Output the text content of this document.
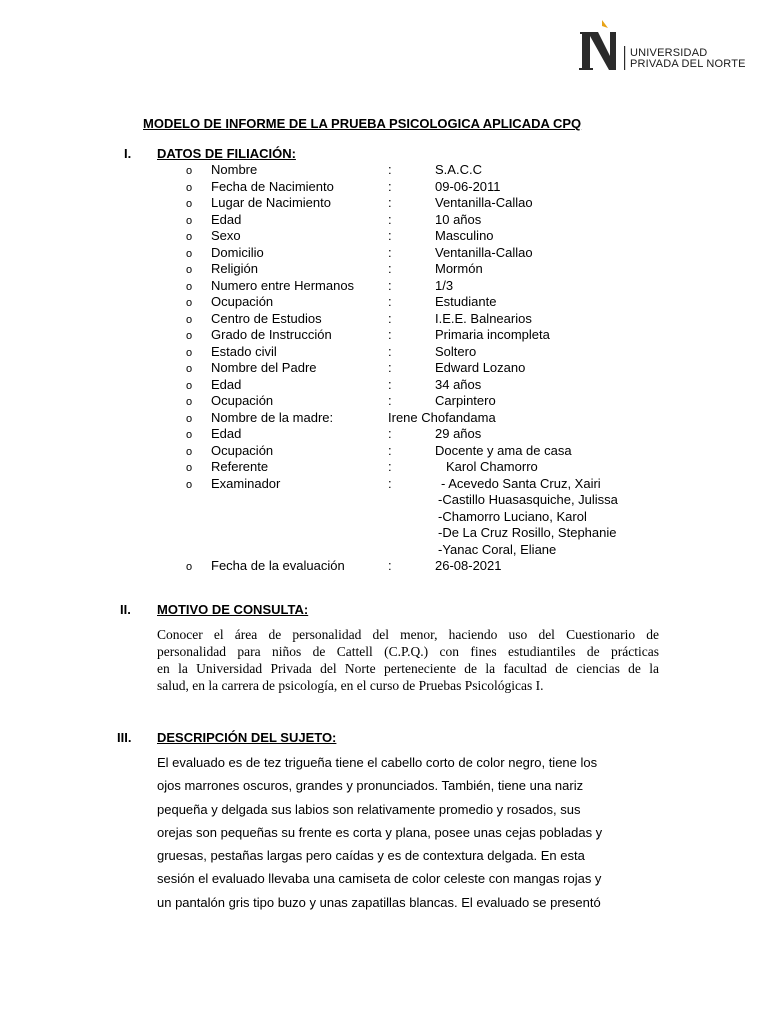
UNIVERSIDAD
PRIVADA DEL NORTE
MODELO DE INFORME DE LA PRUEBA PSICOLOGICA APLICADA CPQ
I. DATOS DE FILIACIÓN:
o Nombre	:	S.A.C.C
o Fecha de Nacimiento	:	09-06-2011
o Lugar de Nacimiento	:	Ventanilla-Callao
o Edad	:	10 años
o Sexo	:	Masculino
o Domicilio	:	Ventanilla-Callao
o Religión	:	Mormón
o Numero entre Hermanos	:	1/3
o Ocupación	:	Estudiante
o Centro de Estudios	:	I.E.E. Balnearios
o Grado de Instrucción	:	Primaria incompleta
o Estado civil	:	Soltero
o Nombre del Padre	:	Edward Lozano
o Edad	:	34 años
o Ocupación	:	Carpintero
o Nombre de la madre:	Irene Chofandama
o Edad	:	29 años
o Ocupación	:	Docente y ama de casa
o Referente	:	Karol Chamorro
o Examinador	:	- Acevedo Santa Cruz, Xairi
-Castillo Huasasquiche, Julissa
-Chamorro Luciano, Karol
-De La Cruz Rosillo, Stephanie
-Yanac Coral, Eliane
o Fecha de la evaluación	:	26-08-2021
II. MOTIVO DE CONSULTA:
Conocer el área de personalidad del menor, haciendo uso del Cuestionario de
personalidad para niños de Cattell (C.P.Q.) con fines estudiantiles de prácticas
en la Universidad Privada del Norte perteneciente de la facultad de ciencias de la
salud, en la carrera de psicología, en el curso de Pruebas Psicológicas I.
III. DESCRIPCIÓN DEL SUJETO:
El evaluado es de tez trigueña tiene el cabello corto de color negro, tiene los
ojos marrones oscuros, grandes y pronunciados. También, tiene una nariz
pequeña y delgada sus labios son relativamente promedio y rosados, sus
orejas son pequeñas su frente es corta y plana, posee unas cejas pobladas y
gruesas, pestañas largas pero caídas y es de contextura delgada. En esta
sesión el evaluado llevaba una camiseta de color celeste con mangas rojas y
un pantalón gris tipo buzo y unas zapatillas blancas. El evaluado se presentó
